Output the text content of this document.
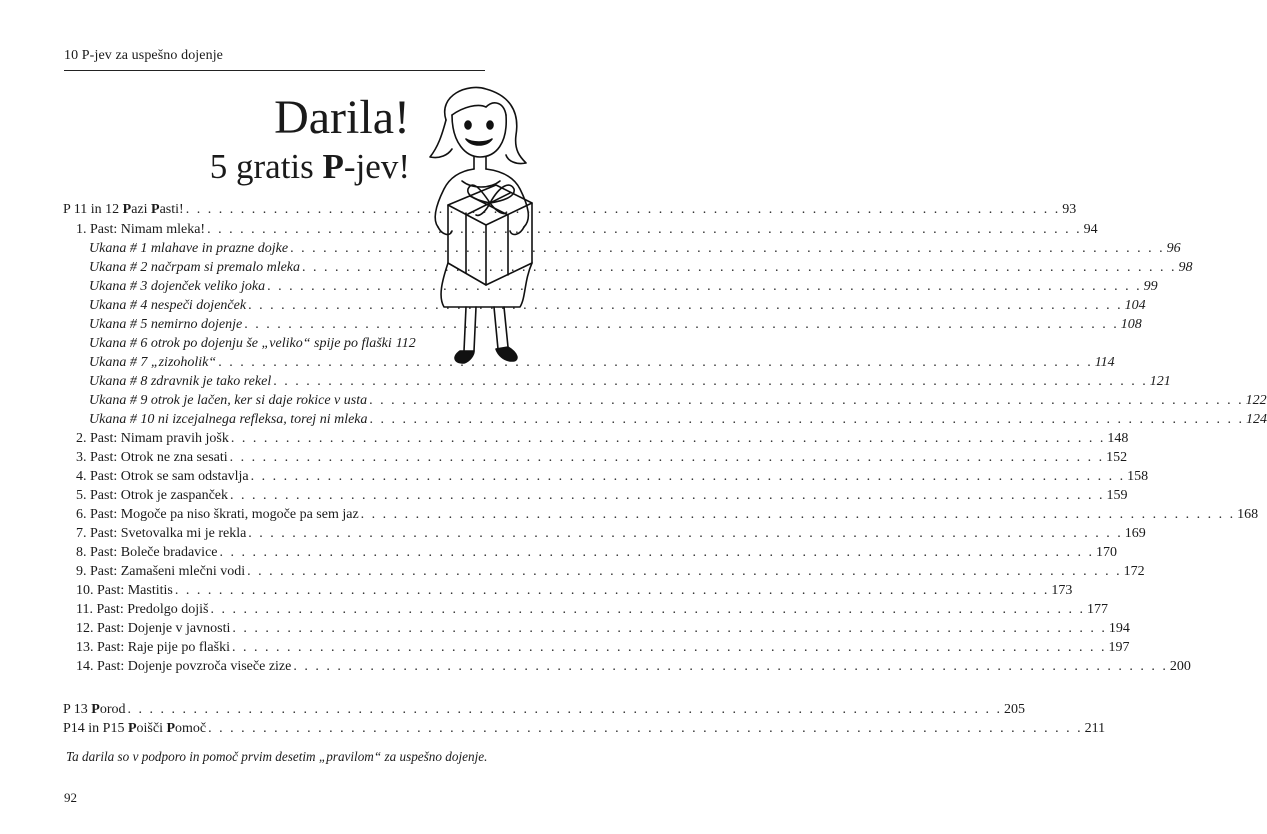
10 P-jev za uspešno dojenje
Darila!
5 gratis P-jev!
P 11 in 12 Pazi Pasti! . . . . . . . . . . . . . . . . . . . . . . . . . . . . . . . . . . . . . . . . . . . . . . . . . . . . . . . . . . . . . . . . . . . . . . . . . . . . . . . . 93
1. Past: Nimam mleka! . . . . . . . . . . . . . . . . . . . . . . . . . . . . . . . . . . . . . . . . . . . . . . . . . . . . . . . . . . . . . . . . . . . . . . . . . . . . . . . . 94
Ukana # 1 mlahave in prazne dojke . . . . . . . . . . . . . . . . . . . . . . . . . . . . . . . . . . . . . . . . . . . . . . . . . . . . . . . . . . . . . . . . . . . . . . . . . . . . . . . . 96
Ukana # 2 načrpam si premalo mleka . . . . . . . . . . . . . . . . . . . . . . . . . . . . . . . . . . . . . . . . . . . . . . . . . . . . . . . . . . . . . . . . . . . . . . . . . . . . . . . . 98
Ukana # 3 dojenček veliko joka . . . . . . . . . . . . . . . . . . . . . . . . . . . . . . . . . . . . . . . . . . . . . . . . . . . . . . . . . . . . . . . . . . . . . . . . . . . . . . . . 99
Ukana # 4 nespeči dojenček . . . . . . . . . . . . . . . . . . . . . . . . . . . . . . . . . . . . . . . . . . . . . . . . . . . . . . . . . . . . . . . . . . . . . . . . . . . . . . . . 104
Ukana # 5 nemirno dojenje . . . . . . . . . . . . . . . . . . . . . . . . . . . . . . . . . . . . . . . . . . . . . . . . . . . . . . . . . . . . . . . . . . . . . . . . . . . . . . . . 108
Ukana # 6 otrok po dojenju še „veliko“ spije po flaški 112
Ukana # 7 „zizoholik“ . . . . . . . . . . . . . . . . . . . . . . . . . . . . . . . . . . . . . . . . . . . . . . . . . . . . . . . . . . . . . . . . . . . . . . . . . . . . . . . . 114
Ukana # 8 zdravnik je tako rekel . . . . . . . . . . . . . . . . . . . . . . . . . . . . . . . . . . . . . . . . . . . . . . . . . . . . . . . . . . . . . . . . . . . . . . . . . . . . . . . . 121
Ukana # 9 otrok je lačen, ker si daje rokice v usta . . . . . . . . . . . . . . . . . . . . . . . . . . . . . . . . . . . . . . . . . . . . . . . . . . . . . . . . . . . . . . . . . . . . . . . . . . . . . . . . 122
Ukana # 10 ni izcejalnega refleksa, torej ni mleka . . . . . . . . . . . . . . . . . . . . . . . . . . . . . . . . . . . . . . . . . . . . . . . . . . . . . . . . . . . . . . . . . . . . . . . . . . . . . . . . 124
2. Past: Nimam pravih jošk . . . . . . . . . . . . . . . . . . . . . . . . . . . . . . . . . . . . . . . . . . . . . . . . . . . . . . . . . . . . . . . . . . . . . . . . . . . . . . . . 148
3. Past: Otrok ne zna sesati . . . . . . . . . . . . . . . . . . . . . . . . . . . . . . . . . . . . . . . . . . . . . . . . . . . . . . . . . . . . . . . . . . . . . . . . . . . . . . . . 152
4. Past: Otrok se sam odstavlja . . . . . . . . . . . . . . . . . . . . . . . . . . . . . . . . . . . . . . . . . . . . . . . . . . . . . . . . . . . . . . . . . . . . . . . . . . . . . . . . 158
5. Past: Otrok je zaspanček . . . . . . . . . . . . . . . . . . . . . . . . . . . . . . . . . . . . . . . . . . . . . . . . . . . . . . . . . . . . . . . . . . . . . . . . . . . . . . . . 159
6. Past: Mogoče pa niso škrati, mogoče pa sem jaz . . . . . . . . . . . . . . . . . . . . . . . . . . . . . . . . . . . . . . . . . . . . . . . . . . . . . . . . . . . . . . . . . . . . . . . . . . . . . . . . 168
7. Past: Svetovalka mi je rekla . . . . . . . . . . . . . . . . . . . . . . . . . . . . . . . . . . . . . . . . . . . . . . . . . . . . . . . . . . . . . . . . . . . . . . . . . . . . . . . . 169
8. Past: Boleče bradavice . . . . . . . . . . . . . . . . . . . . . . . . . . . . . . . . . . . . . . . . . . . . . . . . . . . . . . . . . . . . . . . . . . . . . . . . . . . . . . . . 170
9. Past: Zamašeni mlečni vodi . . . . . . . . . . . . . . . . . . . . . . . . . . . . . . . . . . . . . . . . . . . . . . . . . . . . . . . . . . . . . . . . . . . . . . . . . . . . . . . . 172
10. Past: Mastitis . . . . . . . . . . . . . . . . . . . . . . . . . . . . . . . . . . . . . . . . . . . . . . . . . . . . . . . . . . . . . . . . . . . . . . . . . . . . . . . . 173
11. Past: Predolgo dojiš . . . . . . . . . . . . . . . . . . . . . . . . . . . . . . . . . . . . . . . . . . . . . . . . . . . . . . . . . . . . . . . . . . . . . . . . . . . . . . . . 177
12. Past: Dojenje v javnosti . . . . . . . . . . . . . . . . . . . . . . . . . . . . . . . . . . . . . . . . . . . . . . . . . . . . . . . . . . . . . . . . . . . . . . . . . . . . . . . . 194
13. Past: Raje pije po flaški . . . . . . . . . . . . . . . . . . . . . . . . . . . . . . . . . . . . . . . . . . . . . . . . . . . . . . . . . . . . . . . . . . . . . . . . . . . . . . . . 197
14. Past: Dojenje povzroča viseče zize . . . . . . . . . . . . . . . . . . . . . . . . . . . . . . . . . . . . . . . . . . . . . . . . . . . . . . . . . . . . . . . . . . . . . . . . . . . . . . . . 200
P 13 Porod . . . . . . . . . . . . . . . . . . . . . . . . . . . . . . . . . . . . . . . . . . . . . . . . . . . . . . . . . . . . . . . . . . . . . . . . . . . . . . . . 205
P14 in P15 Poišči Pomoč . . . . . . . . . . . . . . . . . . . . . . . . . . . . . . . . . . . . . . . . . . . . . . . . . . . . . . . . . . . . . . . . . . . . . . . . . . . . . . . . 211
Ta darila so v podporo in pomoč prvim desetim „pravilom“ za uspešno dojenje.
92
